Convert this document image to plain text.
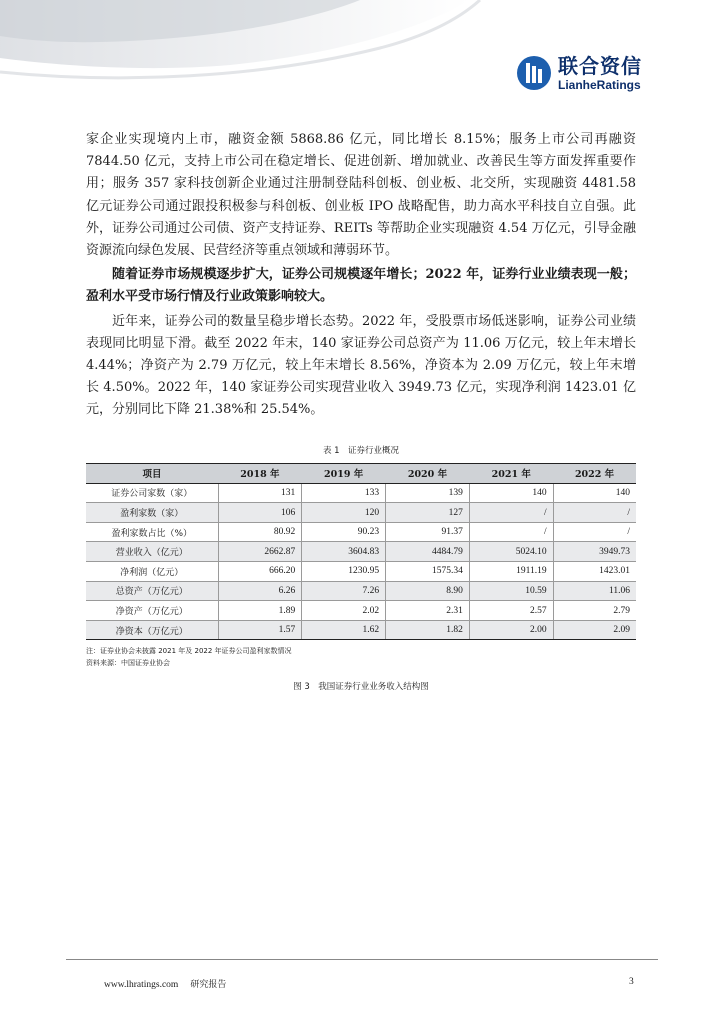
联合资信
LianheRatings

家企业实现境内上市，融资金额 5868.86 亿元，同比增长 8.15%；服务上市公司再融资 7844.50 亿元，支持上市公司在稳定增长、促进创新、增加就业、改善民生等方面发挥重要作用；服务 357 家科技创新企业通过注册制登陆科创板、创业板、北交所，实现融资 4481.58 亿元证券公司通过跟投积极参与科创板、创业板 IPO 战略配售，助力高水平科技自立自强。此外，证券公司通过公司债、资产支持证券、REITs 等帮助企业实现融资 4.54 万亿元，引导金融资源流向绿色发展、民营经济等重点领域和薄弱环节。

随着证券市场规模逐步扩大，证券公司规模逐年增长；2022 年，证券行业业绩表现一般；盈利水平受市场行情及行业政策影响较大。

近年来，证券公司的数量呈稳步增长态势。2022 年，受股票市场低迷影响，证券公司业绩表现同比明显下滑。截至 2022 年末，140 家证券公司总资产为 11.06 万亿元，较上年末增长 4.44%；净资产为 2.79 万亿元，较上年末增长 8.56%，净资本为 2.09 万亿元，较上年末增长 4.50%。2022 年，140 家证券公司实现营业收入 3949.73 亿元，实现净利润 1423.01 亿元，分别同比下降 21.38%和 25.54%。

表 1　证券行业概况
项目	2018 年	2019 年	2020 年	2021 年	2022 年
证券公司家数（家）	131	133	139	140	140
盈利家数（家）	106	120	127	/	/
盈利家数占比（%）	80.92	90.23	91.37	/	/
营业收入（亿元）	2662.87	3604.83	4484.79	5024.10	3949.73
净利润（亿元）	666.20	1230.95	1575.34	1911.19	1423.01
总资产（万亿元）	6.26	7.26	8.90	10.59	11.06
净资产（万亿元）	1.89	2.02	2.31	2.57	2.79
净资本（万亿元）	1.57	1.62	1.82	2.00	2.09
注：证券业协会未披露 2021 年及 2022 年证券公司盈利家数情况
资料来源：中国证券业协会
图 3　我国证券行业业务收入结构图
www.lhratings.com 研究报告	3
